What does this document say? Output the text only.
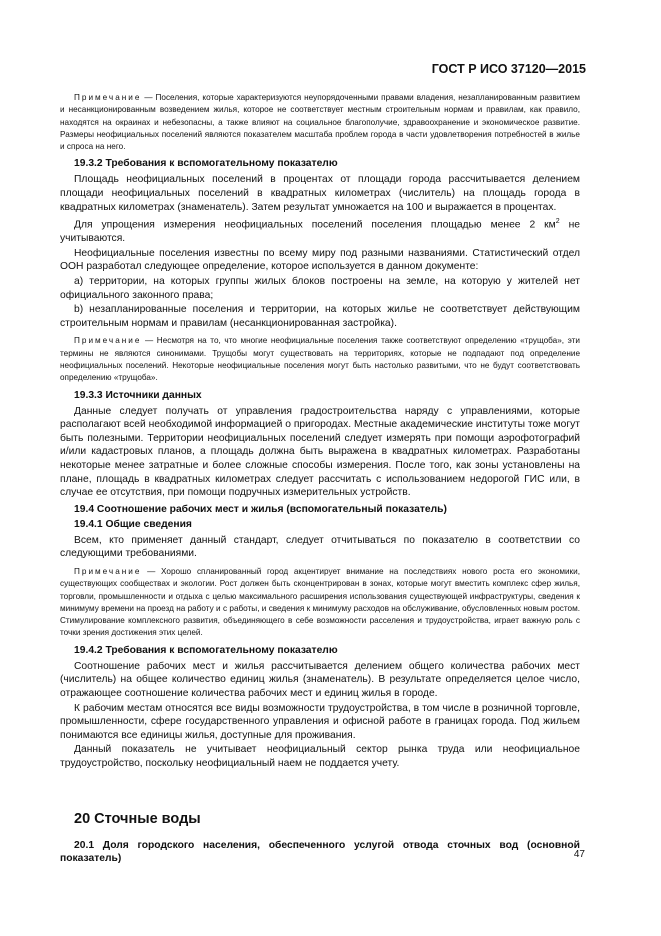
ГОСТ Р ИСО 37120—2015

Примечание — Поселения, которые характеризуются неупорядоченными правами владения, незапланированным развитием и несанкционированным возведением жилья, которое не соответствует местным строительным нормам и правилам, как правило, находятся на окраинах и небезопасны, а также влияют на социальное благополучие, здравоохранение и экономическое развитие. Размеры неофициальных поселений являются показателем масштаба проблем города в части удовлетворения потребностей в жилье и спроса на него.

19.3.2 Требования к вспомогательному показателю

Площадь неофициальных поселений в процентах от площади города рассчитывается делением площади неофициальных поселений в квадратных километрах (числитель) на площадь города в квадратных километрах (знаменатель). Затем результат умножается на 100 и выражается в процентах.

Для упрощения измерения неофициальных поселений поселения площадью менее 2 $км^2$ не учитываются.

Неофициальные поселения известны по всему миру под разными названиями. Статистический отдел ООН разработал следующее определение, которое используется в данном документе:

a) территории, на которых группы жилых блоков построены на земле, на которую у жителей нет официального законного права;

b) незапланированные поселения и территории, на которых жилье не соответствует действующим строительным нормам и правилам (несанкционированная застройка).

Примечание — Несмотря на то, что многие неофициальные поселения также соответствуют определению «трущоба», эти термины не являются синонимами. Трущобы могут существовать на территориях, которые не подпадают под определение неофициальных поселений. Некоторые неофициальные поселения могут быть настолько развитыми, что не будут соответствовать определению «трущоба».

19.3.3 Источники данных

Данные следует получать от управления градостроительства наряду с управлениями, которые располагают всей необходимой информацией о пригородах. Местные академические институты тоже могут быть полезными. Территории неофициальных поселений следует измерять при помощи аэрофотографий и/или кадастровых планов, а площадь должна быть выражена в квадратных километрах. Разработаны некоторые менее затратные и более сложные способы измерения. После того, как зоны установлены на плане, площадь в квадратных километрах следует рассчитать с использованием недорогой ГИС или, в случае ее отсутствия, при помощи подручных измерительных устройств.

19.4 Соотношение рабочих мест и жилья (вспомогательный показатель)
19.4.1 Общие сведения

Всем, кто применяет данный стандарт, следует отчитываться по показателю в соответствии со следующими требованиями.

Примечание — Хорошо спланированный город акцентирует внимание на последствиях нового роста его экономики, существующих сообществах и экологии. Рост должен быть сконцентрирован в зонах, которые могут вместить комплекс сфер жилья, торговли, промышленности и отдыха с целью максимального расширения использования существующей инфраструктуры, сведения к минимуму времени на проезд на работу и с работы, и сведения к минимуму расходов на обслуживание, обусловленных новым ростом. Стимулирование комплексного развития, объединяющего в себе возможности расселения и трудоустройства, играет важную роль с точки зрения достижения этих целей.

19.4.2 Требования к вспомогательному показателю

Соотношение рабочих мест и жилья рассчитывается делением общего количества рабочих мест (числитель) на общее количество единиц жилья (знаменатель). В результате определяется целое число, отражающее соотношение количества рабочих мест и единиц жилья в городе.

К рабочим местам относятся все виды возможности трудоустройства, в том числе в розничной торговле, промышленности, сфере государственного управления и офисной работе в границах города. Под жильем понимаются все единицы жилья, доступные для проживания.

Данный показатель не учитывает неофициальный сектор рынка труда или неофициальное трудоустройство, поскольку неофициальный наем не поддается учету.

20 Сточные воды

20.1 Доля городского населения, обеспеченного услугой отвода сточных вод (основной показатель)	47
